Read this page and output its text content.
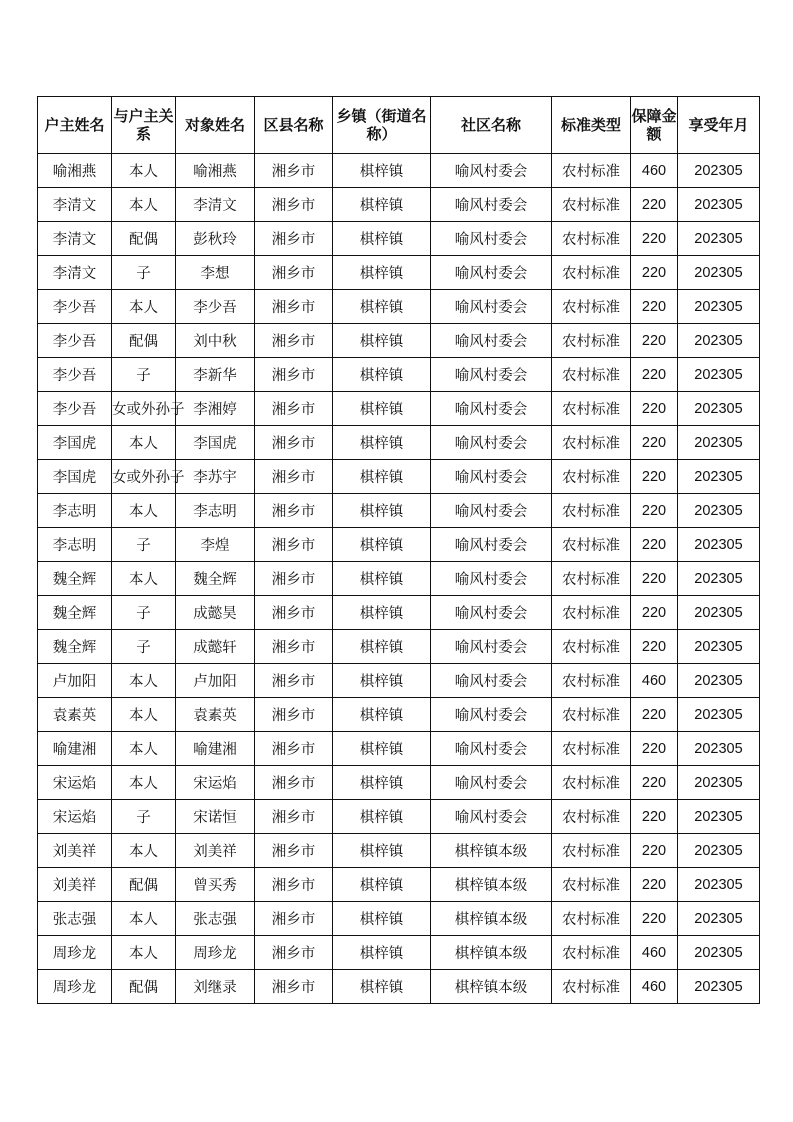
户主姓名	与户主关系	对象姓名	区县名称	乡镇（街道名称）	社区名称	标准类型	保障金额	享受年月
喻湘燕	本人	喻湘燕	湘乡市	棋梓镇	喻风村委会	农村标准	460	202305
李清文	本人	李清文	湘乡市	棋梓镇	喻风村委会	农村标准	220	202305
李清文	配偶	彭秋玲	湘乡市	棋梓镇	喻风村委会	农村标准	220	202305
李清文	子	李想	湘乡市	棋梓镇	喻风村委会	农村标准	220	202305
李少吾	本人	李少吾	湘乡市	棋梓镇	喻风村委会	农村标准	220	202305
李少吾	配偶	刘中秋	湘乡市	棋梓镇	喻风村委会	农村标准	220	202305
李少吾	子	李新华	湘乡市	棋梓镇	喻风村委会	农村标准	220	202305
李少吾	女或外孙子	李湘婷	湘乡市	棋梓镇	喻风村委会	农村标准	220	202305
李国虎	本人	李国虎	湘乡市	棋梓镇	喻风村委会	农村标准	220	202305
李国虎	女或外孙子	李苏宇	湘乡市	棋梓镇	喻风村委会	农村标准	220	202305
李志明	本人	李志明	湘乡市	棋梓镇	喻风村委会	农村标准	220	202305
李志明	子	李煌	湘乡市	棋梓镇	喻风村委会	农村标准	220	202305
魏全辉	本人	魏全辉	湘乡市	棋梓镇	喻风村委会	农村标准	220	202305
魏全辉	子	成懿昊	湘乡市	棋梓镇	喻风村委会	农村标准	220	202305
魏全辉	子	成懿轩	湘乡市	棋梓镇	喻风村委会	农村标准	220	202305
卢加阳	本人	卢加阳	湘乡市	棋梓镇	喻风村委会	农村标准	460	202305
袁素英	本人	袁素英	湘乡市	棋梓镇	喻风村委会	农村标准	220	202305
喻建湘	本人	喻建湘	湘乡市	棋梓镇	喻风村委会	农村标准	220	202305
宋运焰	本人	宋运焰	湘乡市	棋梓镇	喻风村委会	农村标准	220	202305
宋运焰	子	宋诺恒	湘乡市	棋梓镇	喻风村委会	农村标准	220	202305
刘美祥	本人	刘美祥	湘乡市	棋梓镇	棋梓镇本级	农村标准	220	202305
刘美祥	配偶	曾买秀	湘乡市	棋梓镇	棋梓镇本级	农村标准	220	202305
张志强	本人	张志强	湘乡市	棋梓镇	棋梓镇本级	农村标准	220	202305
周珍龙	本人	周珍龙	湘乡市	棋梓镇	棋梓镇本级	农村标准	460	202305
周珍龙	配偶	刘继录	湘乡市	棋梓镇	棋梓镇本级	农村标准	460	202305
